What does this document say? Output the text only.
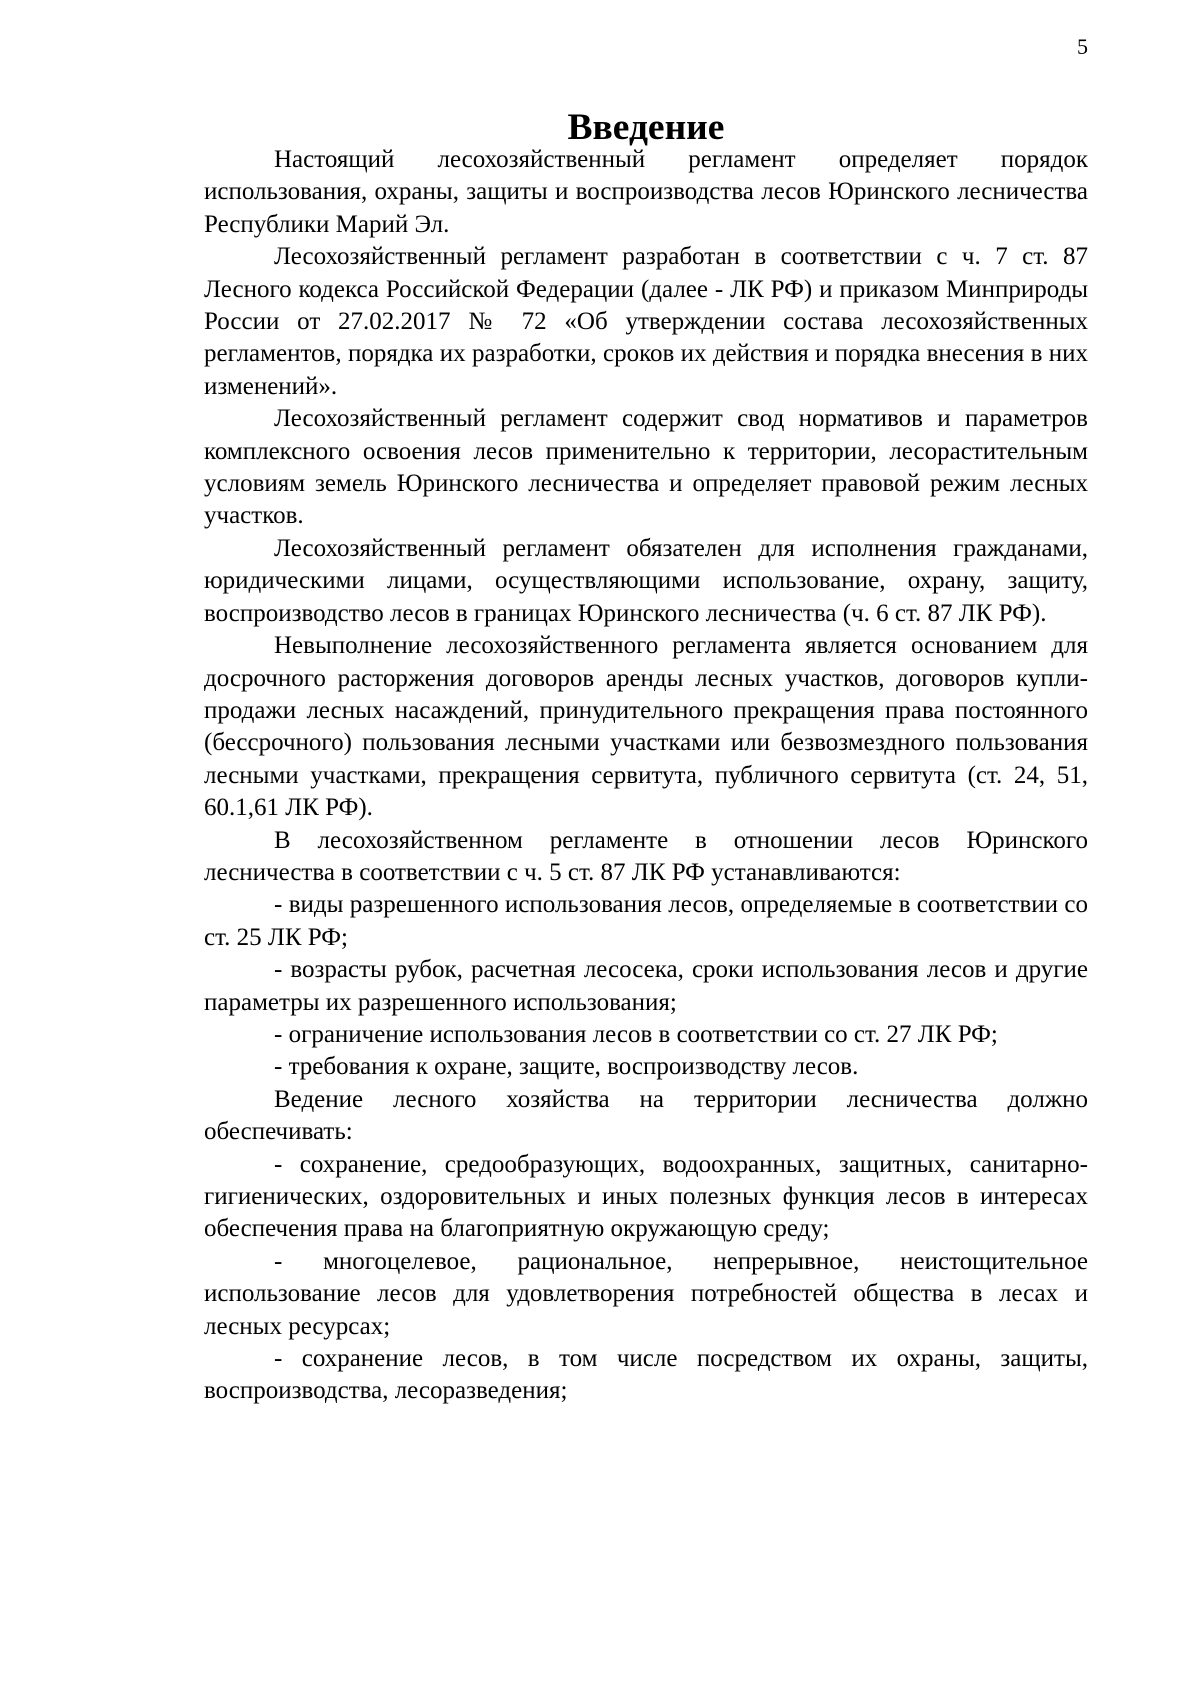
5
Введение

Настоящий лесохозяйственный регламент определяет порядок использования, охраны, защиты и воспроизводства лесов Юринского лесничества Республики Марий Эл.

Лесохозяйственный регламент разработан в соответствии с ч. 7 ст. 87 Лесного кодекса Российской Федерации (далее - ЛК РФ) и приказом Минприроды России от 27.02.2017 № 72 «Об утверждении состава лесохозяйственных регламентов, порядка их разработки, сроков их действия и порядка внесения в них изменений».

Лесохозяйственный регламент содержит свод нормативов и параметров комплексного освоения лесов применительно к территории, лесорастительным условиям земель Юринского лесничества и определяет правовой режим лесных участков.

Лесохозяйственный регламент обязателен для исполнения гражданами, юридическими лицами, осуществляющими использование, охрану, защиту, воспроизводство лесов в границах Юринского лесничества (ч. 6 ст. 87 ЛК РФ).

Невыполнение лесохозяйственного регламента является основанием для досрочного расторжения договоров аренды лесных участков, договоров купли-продажи лесных насаждений, принудительного прекращения права постоянного (бессрочного) пользования лесными участками или безвозмездного пользования лесными участками, прекращения сервитута, публичного сервитута (ст. 24, 51, 60.1,61 ЛК РФ).

В лесохозяйственном регламенте в отношении лесов Юринского лесничества в соответствии с ч. 5 ст. 87 ЛК РФ устанавливаются:

- виды разрешенного использования лесов, определяемые в соответствии со ст. 25 ЛК РФ;

- возрасты рубок, расчетная лесосека, сроки использования лесов и другие параметры их разрешенного использования;

- ограничение использования лесов в соответствии со ст. 27 ЛК РФ;

- требования к охране, защите, воспроизводству лесов.

Ведение лесного хозяйства на территории лесничества должно обеспечивать:

- сохранение, средообразующих, водоохранных, защитных, санитарно-гигиенических, оздоровительных и иных полезных функция лесов в интересах обеспечения права на благоприятную окружающую среду;

- многоцелевое, рациональное, непрерывное, неистощительное использование лесов для удовлетворения потребностей общества в лесах и лесных ресурсах;

- сохранение лесов, в том числе посредством их охраны, защиты, воспроизводства, лесоразведения;
